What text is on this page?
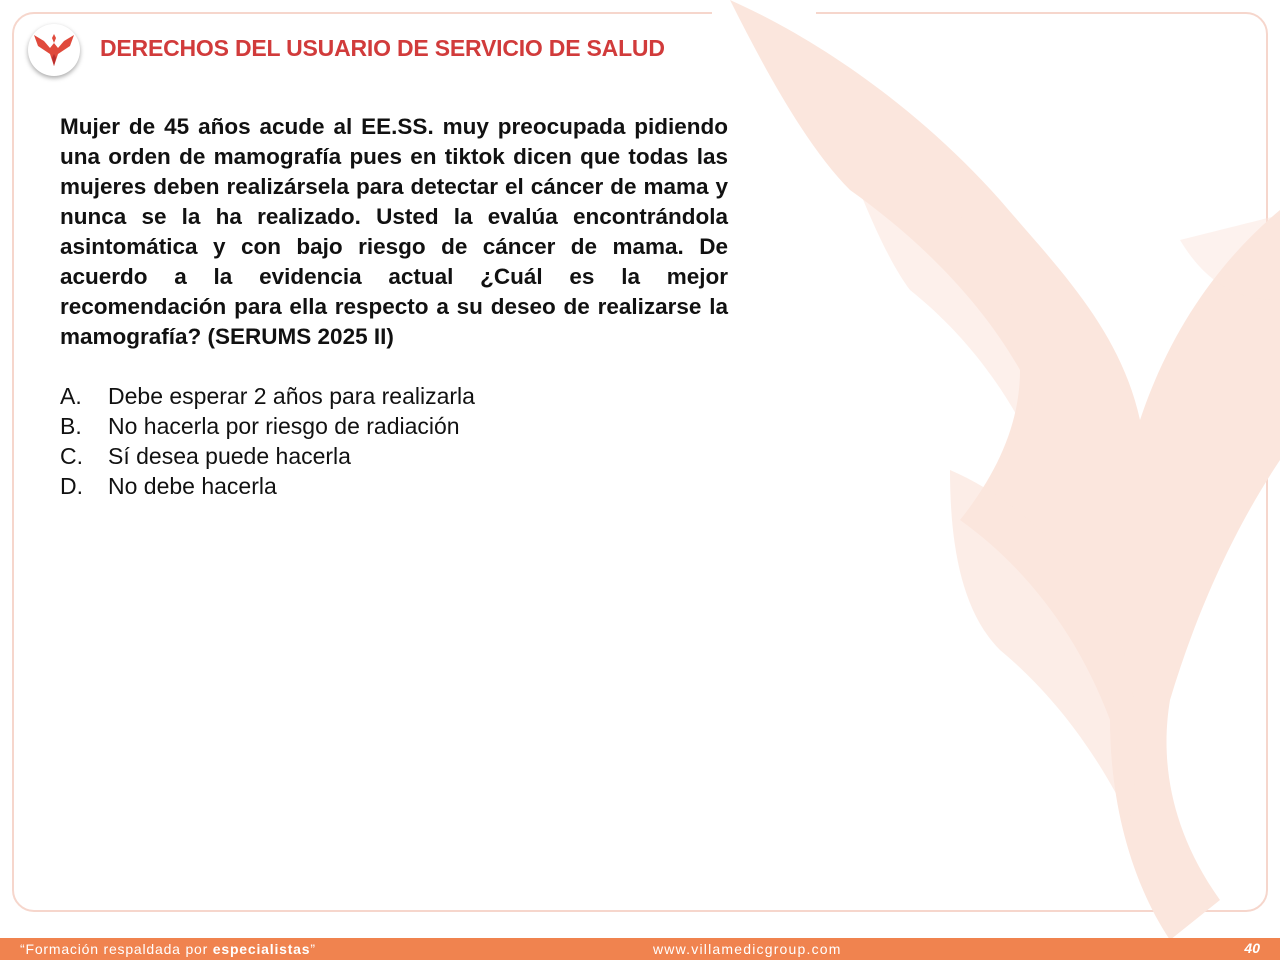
DERECHOS DEL USUARIO DE SERVICIO DE SALUD

Mujer de 45 años acude al EE.SS. muy preocupada pidiendo una orden de mamografía pues en tiktok dicen que todas las mujeres deben realizársela para detectar el cáncer de mama y nunca se la ha realizado. Usted la evalúa encontrándola asintomática y con bajo riesgo de cáncer de mama. De acuerdo a la evidencia actual ¿Cuál es la mejor recomendación para ella respecto a su deseo de realizarse la mamografía? (SERUMS 2025 II)

A.	Debe esperar 2 años para realizarla
B.	No hacerla por riesgo de radiación
C.	Sí desea puede hacerla
D.	No debe hacerla
“Formación respaldada por especialistas”	www.villamedicgroup.com	40
